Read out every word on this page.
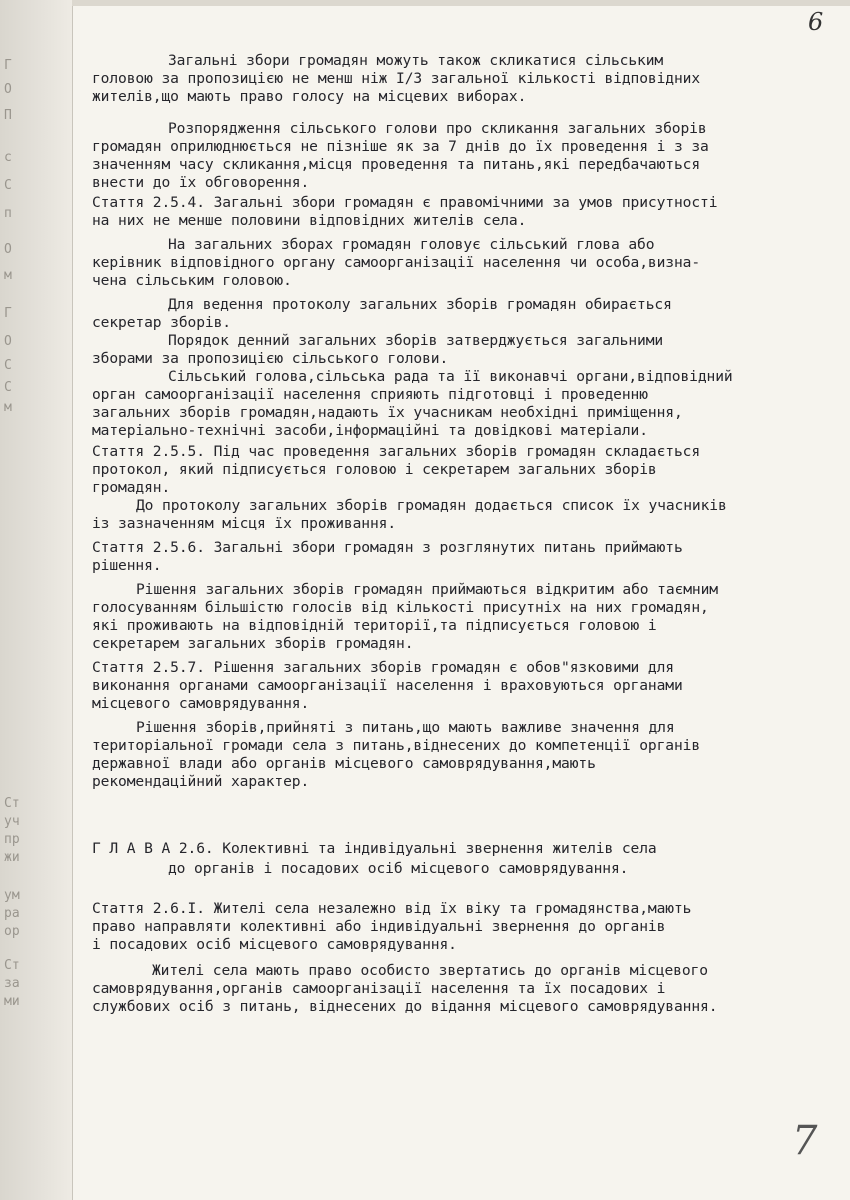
Г
О
П
с
С
п
О
м
Г
О
С
С
м
Ст
уч
пр
жи
ум
ра
ор
Ст
за
ми
6
Загальні збори громадян можуть також скликатися сільським
головою за пропозицією не менш ніж І/3 загальної кількості відповідних
жителів,що мають право голосу на місцевих виборах.
Розпорядження сільського голови про скликання загальних зборів
громадян оприлюднюється не пізніше як за 7 днів до їх проведення і з за
значенням часу скликання,місця проведення та питань,які передбачаються
внести до їх обговорення.
Стаття 2.5.4. Загальні збори громадян є правомічними за умов присутності
на них не менше половини відповідних жителів села.
На загальних зборах громадян головує сільський глова або
керівник відповідного органу самоорганізації населення чи особа,визна-
чена сільським головою.
Для ведення протоколу загальних зборів громадян обирається
секретар зборів.
Порядок денний загальних зборів затверджується загальними
зборами за пропозицією сільського голови.
Сільський голова,сільська рада та її виконавчі органи,відповідний
орган самоорганізації населення сприяють підготовці і проведенню
загальних зборів громадян,надають їх учасникам необхідні приміщення,
матеріально-технічні засоби,інформаційні та довідкові матеріали.
Стаття 2.5.5. Під час проведення загальних зборів громадян складається
протокол, який підписується головою і секретарем загальних зборів
громадян.
До протоколу загальних зборів громадян додається список їх учасників
із зазначенням місця їх проживання.
Стаття 2.5.6. Загальні збори громадян з розглянутих питань приймають
рішення.
Рішення загальних зборів громадян приймаються відкритим або таємним
голосуванням більшістю голосів від кількості присутніх на них громадян,
які проживають на відповідній території,та підписується головою і
секретарем загальних зборів громадян.
Стаття 2.5.7. Рішення загальних зборів громадян є обов"язковими для
виконання органами самоорганізації населення і враховуються органами
місцевого самоврядування.
Рішення зборів,прийняті з питань,що мають важливе значення для
територіальної громади села з питань,віднесених до компетенції органів
державної влади або органів місцевого самоврядування,мають
рекомендаційний характер.
Г Л А В А 2.6. Колективні та індивідуальні звернення жителів села
до органів і посадових осіб місцевого самоврядування.
Стаття 2.6.І. Жителі села незалежно від їх віку та громадянства,мають
право направляти колективні або індивідуальні звернення до органів
і посадових осіб місцевого самоврядування.
Жителі села мають право особисто звертатись до органів місцевого
самоврядування,органів самоорганізації населення та їх посадових і
службових осіб з питань, віднесених до відання місцевого самоврядування.
7
